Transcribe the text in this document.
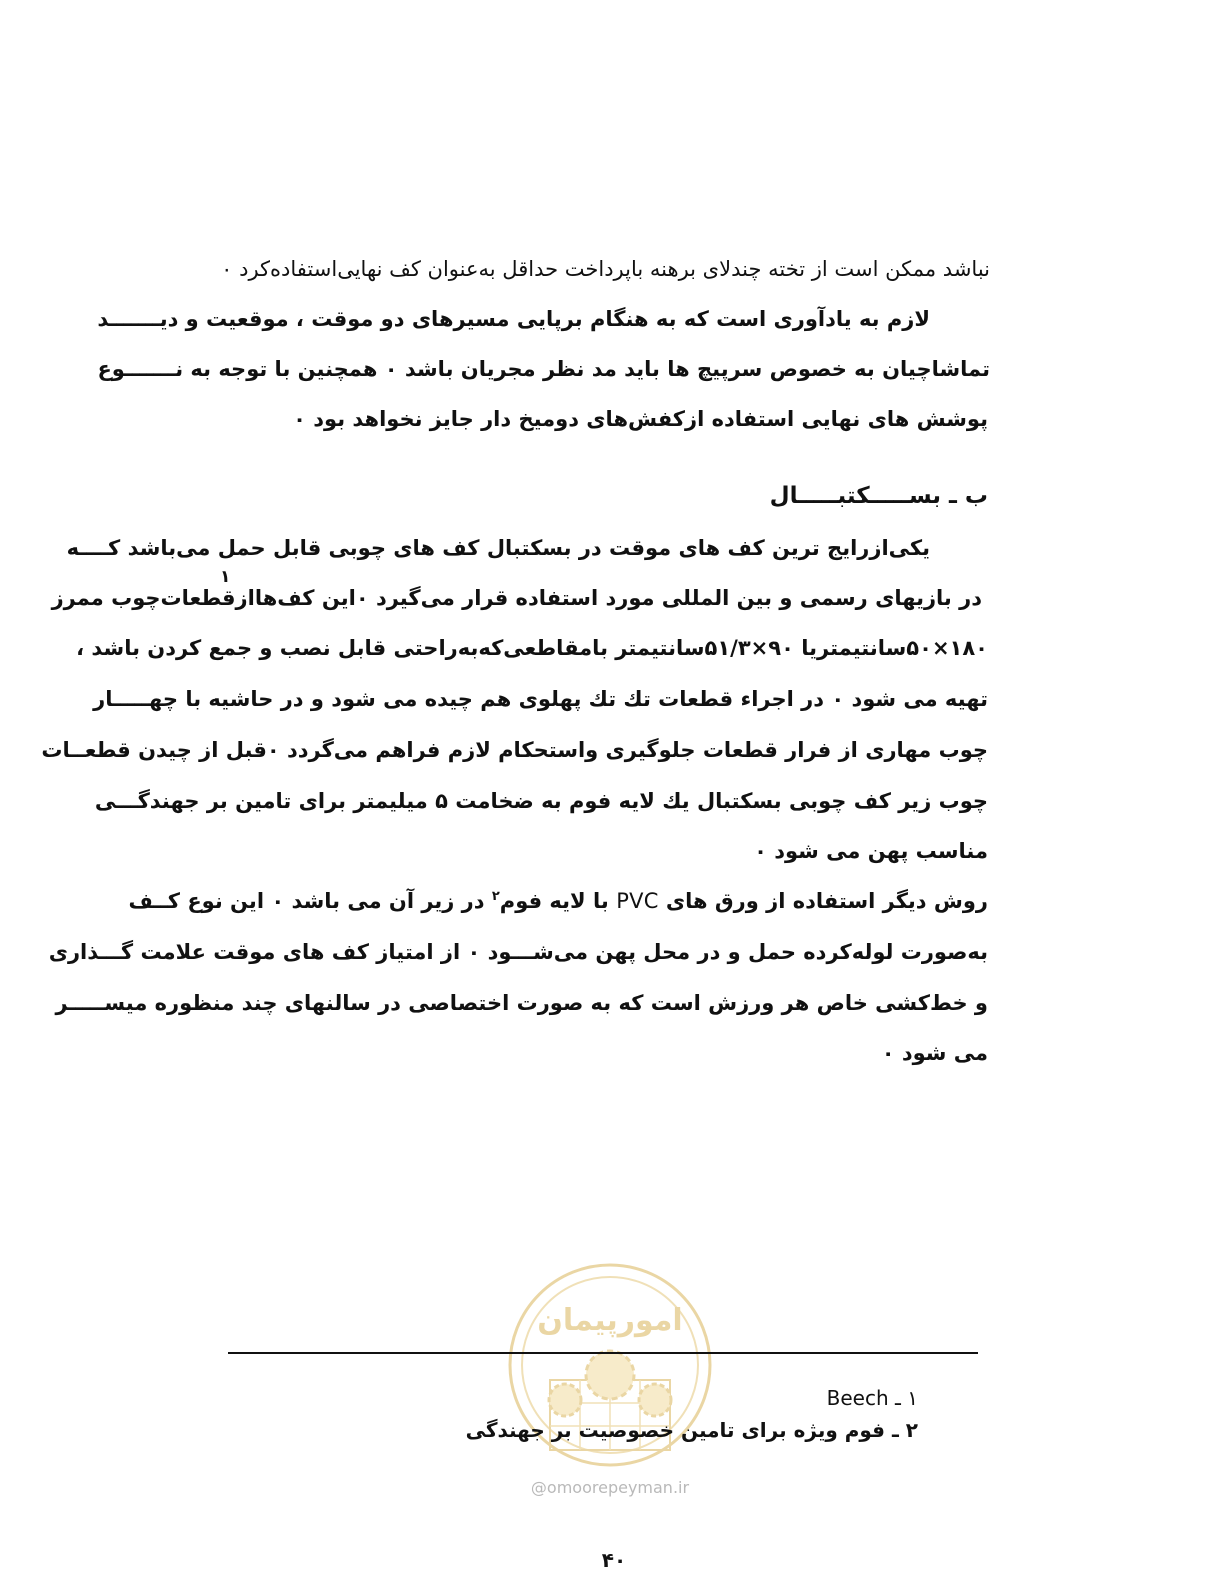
نباشد ممکن است از تخته چندلای برهنه باپرداخت حداقل به‌عنوان کف نهایی‌استفاده‌کرد ۰
لازم به یادآوری است که به هنگام برپایی مسیرهای دو موقت ، موقعیت و دیـــــــد
تماشاچیان به خصوص سرپیچ ها باید مد نظر مجریان باشد ۰ همچنین با توجه به نـــــــوع
پوشش های نهایی استفاده ازکفش‌های دومیخ دار جایز نخواهد بود ۰
ب ـ بســـــکتبـــــال
یکی‌ازرایج ترین کف های موقت در بسکتبال کف های چوبی قابل حمل می‌باشد کــــه
در بازیهای رسمی و بین المللی مورد استفاده قرار می‌گیرد ۰این کف‌هاازقطعات‌چوب ممرز
۱
۱۸۰×۵۰سانتیمتریا ۹۰×۵۱/۳سانتیمتر بامقاطعی‌که‌به‌راحتی قابل نصب و جمع کردن باشد ،
تهیه می شود ۰ در اجراء قطعات تك تك پهلوی هم چیده می شود و در حاشیه با چهـــــار
چوب مهاری از فرار قطعات جلوگیری واستحکام لازم فراهم می‌گردد ۰قبل از چیدن قطعــات
چوب زیر کف چوبی بسکتبال یك لایه فوم به ضخامت ۵ میلیمتر برای تامین بر جهندگـــی
مناسب پهن می شود ۰
روش دیگر استفاده از ورق های PVC با لایه فوم$^۲$ در زیر آن می باشد ۰ این نوع کــف
به‌صورت لوله‌کرده حمل و در محل پهن می‌شـــود ۰ از امتیاز کف های موقت علامت گـــذاری
و خط‌کشی خاص هر ورزش است که به صورت اختصاصی در سالنهای چند منظوره میســـــر
می شود ۰
امورپیمان
۱ ـ Beech
۲ ـ فوم ویژه برای تامین خصوصیت بر جهندگی
@omoorepeyman.ir
۴۰
